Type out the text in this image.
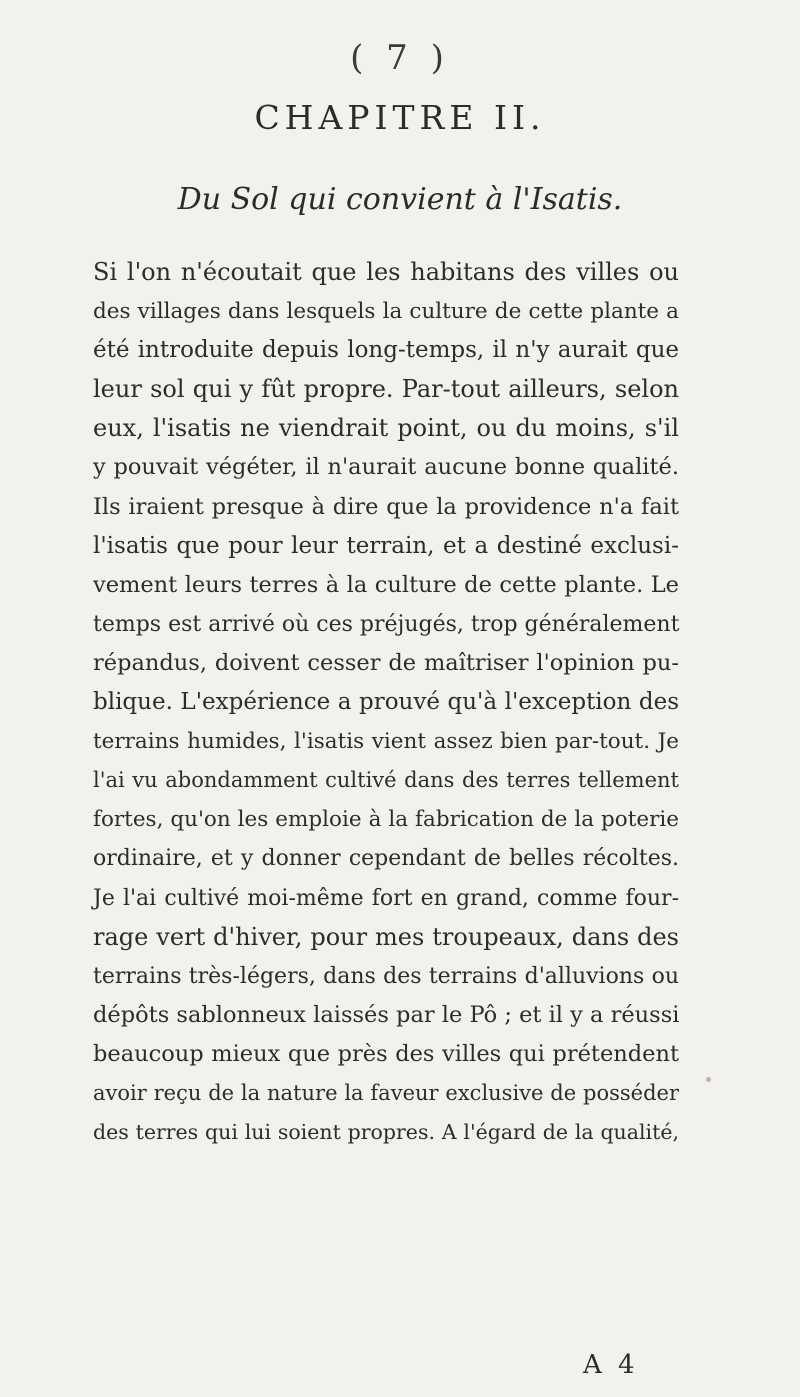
( 7 )
CHAPITRE II.
Du Sol qui convient à l'Isatis.
Si l'on n'écoutait que les habitans des villes ou
des villages dans lesquels la culture de cette plante a
été introduite depuis long-temps, il n'y aurait que
leur sol qui y fût propre. Par-tout ailleurs, selon
eux, l'isatis ne viendrait point, ou du moins, s'il
y pouvait végéter, il n'aurait aucune bonne qualité.
Ils iraient presque à dire que la providence n'a fait
l'isatis que pour leur terrain, et a destiné exclusi-
vement leurs terres à la culture de cette plante. Le
temps est arrivé où ces préjugés, trop généralement
répandus, doivent cesser de maîtriser l'opinion pu-
blique. L'expérience a prouvé qu'à l'exception des
terrains humides, l'isatis vient assez bien par-tout. Je
l'ai vu abondamment cultivé dans des terres tellement
fortes, qu'on les emploie à la fabrication de la poterie
ordinaire, et y donner cependant de belles récoltes.
Je l'ai cultivé moi-même fort en grand, comme four-
rage vert d'hiver, pour mes troupeaux, dans des
terrains très-légers, dans des terrains d'alluvions ou
dépôts sablonneux laissés par le Pô ; et il y a réussi
beaucoup mieux que près des villes qui prétendent
avoir reçu de la nature la faveur exclusive de posséder
des terres qui lui soient propres. A l'égard de la qualité,
A 4
